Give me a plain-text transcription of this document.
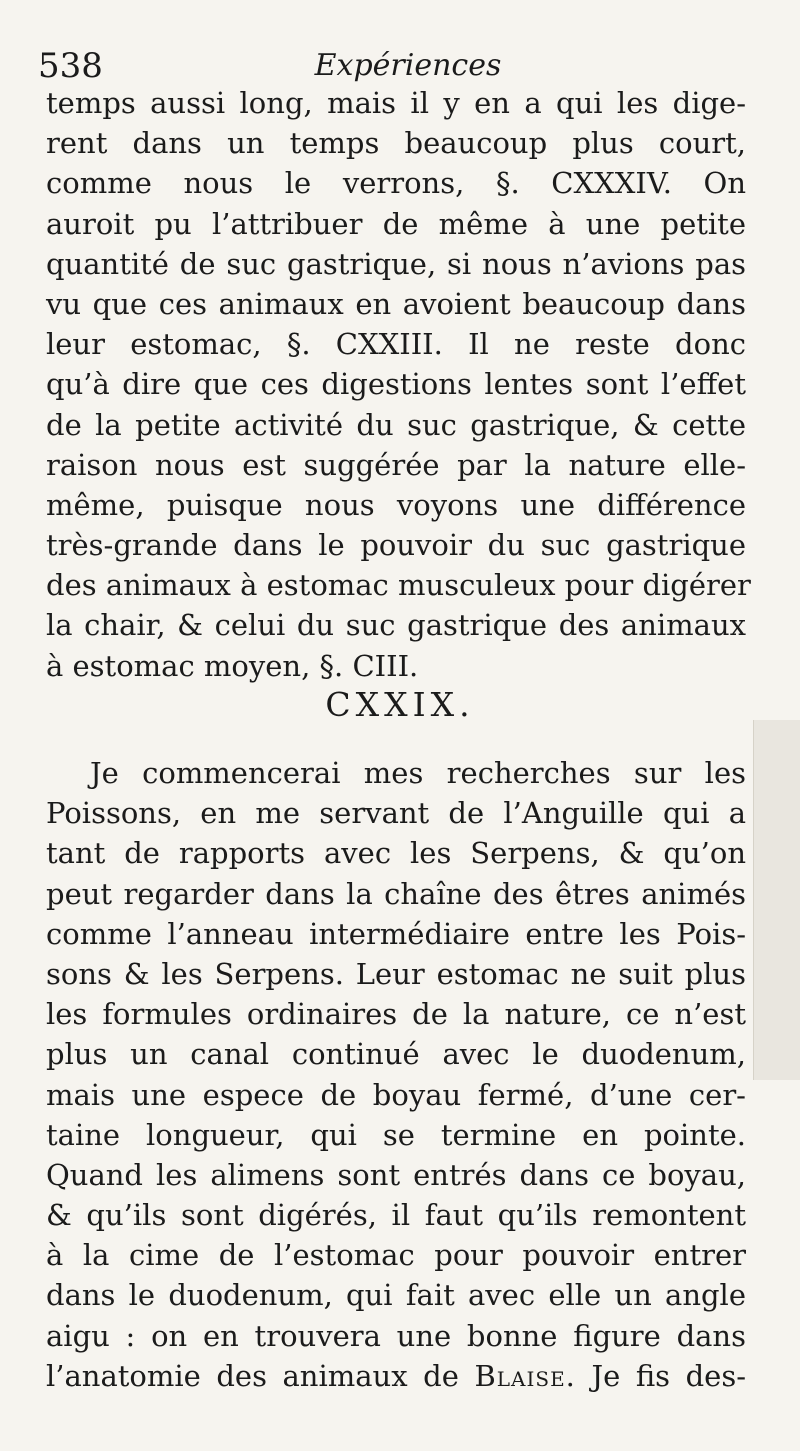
538	Expériences
temps aussi long, mais il y en a qui les dige-
rent dans un temps beaucoup plus court,
comme nous le verrons, §. CXXXIV. On
auroit pu l’attribuer de même à une petite
quantité de suc gastrique, si nous n’avions pas
vu que ces animaux en avoient beaucoup dans
leur estomac, §. CXXIII. Il ne reste donc
qu’à dire que ces digestions lentes sont l’effet
de la petite activité du suc gastrique, & cette
raison nous est suggérée par la nature elle-
même, puisque nous voyons une différence
très-grande dans le pouvoir du suc gastrique
des animaux à estomac musculeux pour digérer
la chair, & celui du suc gastrique des animaux
à estomac moyen, §. CIII.
CXXIX.
Je commencerai mes recherches sur les
Poissons, en me servant de l’Anguille qui a
tant de rapports avec les Serpens, & qu’on
peut regarder dans la chaîne des êtres animés
comme l’anneau intermédiaire entre les Pois-
sons & les Serpens. Leur estomac ne suit plus
les formules ordinaires de la nature, ce n’est
plus un canal continué avec le duodenum,
mais une espece de boyau fermé, d’une cer-
taine longueur, qui se termine en pointe.
Quand les alimens sont entrés dans ce boyau,
& qu’ils sont digérés, il faut qu’ils remontent
à la cime de l’estomac pour pouvoir entrer
dans le duodenum, qui fait avec elle un angle
aigu : on en trouvera une bonne figure dans
l’anatomie des animaux de Blaise. Je fis des-
